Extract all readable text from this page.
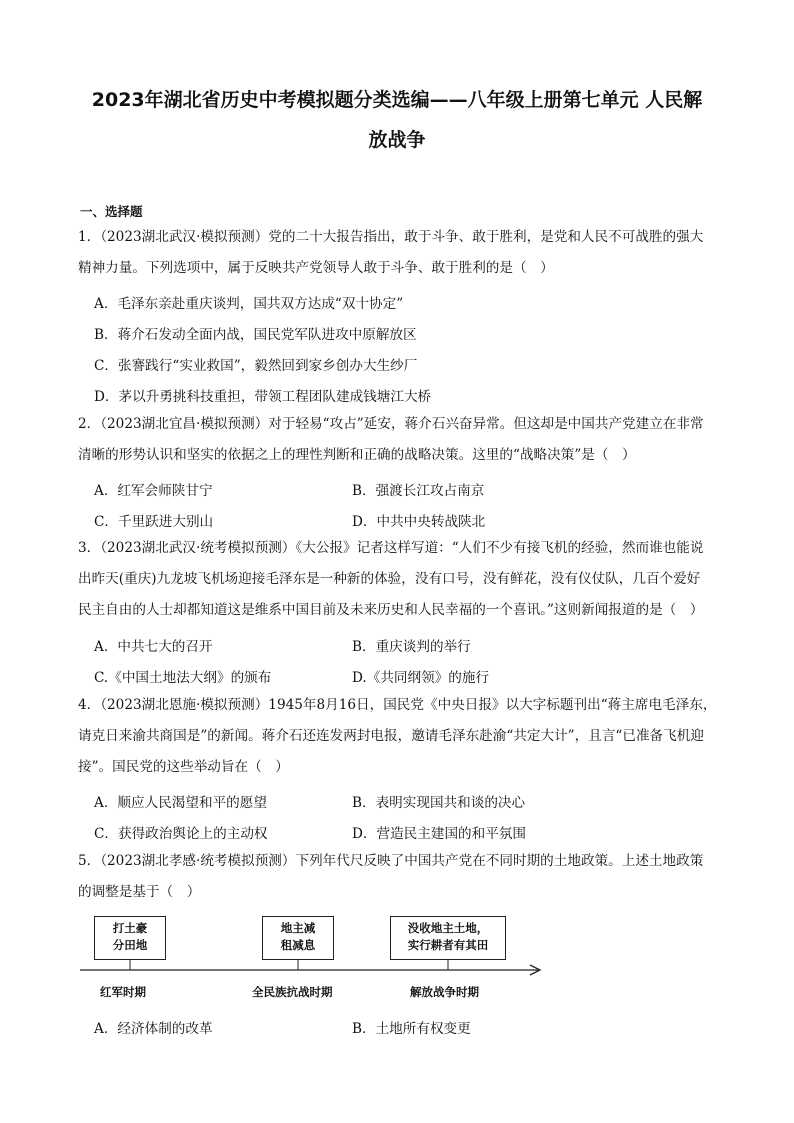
2023年湖北省历史中考模拟题分类选编——八年级上册第七单元 人民解
放战争
一、选择题

1．（2023湖北武汉·模拟预测）党的二十大报告指出，敢于斗争、敢于胜利，是党和人民不可战胜的强大

精神力量。下列选项中，属于反映共产党领导人敢于斗争、敢于胜利的是（　）

A．毛泽东亲赴重庆谈判，国共双方达成“双十协定”
B．蒋介石发动全面内战，国民党军队进攻中原解放区
C．张謇践行“实业救国”，毅然回到家乡创办大生纱厂
D．茅以升勇挑科技重担，带领工程团队建成钱塘江大桥

2．（2023湖北宜昌·模拟预测）对于轻易“攻占”延安，蒋介石兴奋异常。但这却是中国共产党建立在非常

清晰的形势认识和坚实的依据之上的理性判断和正确的战略决策。这里的“战略决策”是（　）

A．红军会师陕甘宁	B．强渡长江攻占南京
C．千里跃进大别山	D．中共中央转战陕北

3．（2023湖北武汉·统考模拟预测）《大公报》记者这样写道：“人们不少有接飞机的经验，然而谁也能说

出昨天(重庆)九龙坡飞机场迎接毛泽东是一种新的体验，没有口号，没有鲜花，没有仪仗队，几百个爱好

民主自由的人士却都知道这是维系中国目前及未来历史和人民幸福的一个喜讯。”这则新闻报道的是（　）

A．中共七大的召开	B．重庆谈判的举行
C.《中国土地法大纲》的颁布	D.《共同纲领》的施行

4．（2023湖北恩施·模拟预测）1945年8月16日，国民党《中央日报》以大字标题刊出“蒋主席电毛泽东，

请克日来渝共商国是”的新闻。蒋介石还连发两封电报，邀请毛泽东赴渝“共定大计”，且言“已准备飞机迎

接”。国民党的这些举动旨在（　）

A．顺应人民渴望和平的愿望	B．表明实现国共和谈的决心
C．获得政治舆论上的主动权	D．营造民主建国的和平氛围

5．（2023湖北孝感·统考模拟预测）下列年代尺反映了中国共产党在不同时期的土地政策。上述土地政策

的调整是基于（　）

打土豪
分田地
地主减
租减息
没收地主土地，
实行耕者有其田
红军时期	全民族抗战时期	解放战争时期
A．经济体制的改革	B．土地所有权变更
